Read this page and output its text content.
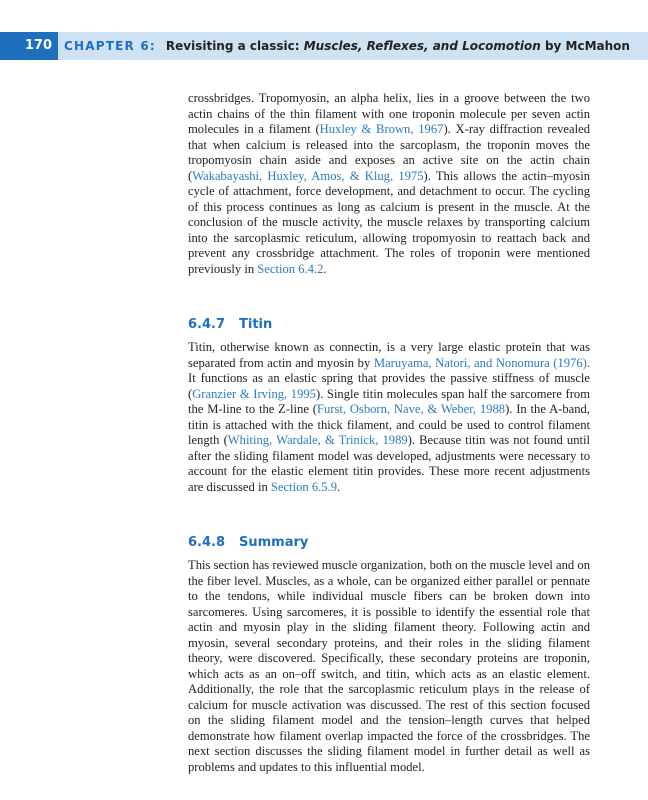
170	CHAPTER 6: Revisiting a classic: Muscles, Reflexes, and Locomotion by McMahon

crossbridges. Tropomyosin, an alpha helix, lies in a groove between the two actin chains of the thin filament with one troponin molecule per seven actin molecules in a filament (Huxley & Brown, 1967). X-ray diffraction revealed that when calcium is released into the sarcoplasm, the troponin moves the tropomyosin chain aside and exposes an active site on the actin chain (Wakabayashi, Huxley, Amos, & Klug, 1975). This allows the actin–myosin cycle of attachment, force development, and detachment to occur. The cycling of this process continues as long as calcium is present in the muscle. At the conclusion of the muscle activity, the muscle relaxes by transporting calcium into the sarcoplasmic reticulum, allowing tropomyosin to reattach back and prevent any crossbridge attachment. The roles of troponin were mentioned previously in Section 6.4.2.

6.4.7 Titin

Titin, otherwise known as connectin, is a very large elastic protein that was separated from actin and myosin by Maruyama, Natori, and Nonomura (1976). It functions as an elastic spring that provides the passive stiffness of muscle (Granzier & Irving, 1995). Single titin molecules span half the sarcomere from the M-line to the Z-line (Furst, Osborn, Nave, & Weber, 1988). In the A-band, titin is attached with the thick filament, and could be used to control filament length (Whiting, Wardale, & Trinick, 1989). Because titin was not found until after the sliding filament model was developed, adjustments were necessary to account for the elastic element titin provides. These more recent adjustments are discussed in Section 6.5.9.

6.4.8 Summary

This section has reviewed muscle organization, both on the muscle level and on the fiber level. Muscles, as a whole, can be organized either parallel or pennate to the tendons, while individual muscle fibers can be broken down into sarcomeres. Using sarcomeres, it is possible to identify the essential role that actin and myosin play in the sliding filament theory. Following actin and myosin, several secondary proteins, and their roles in the sliding filament theory, were discovered. Specifically, these secondary proteins are troponin, which acts as an on–off switch, and titin, which acts as an elastic element. Additionally, the role that the sarcoplasmic reticulum plays in the release of calcium for muscle activation was discussed. The rest of this section focused on the sliding filament model and the tension–length curves that helped demonstrate how filament overlap impacted the force of the crossbridges. The next section discusses the sliding filament model in further detail as well as problems and updates to this influential model.
